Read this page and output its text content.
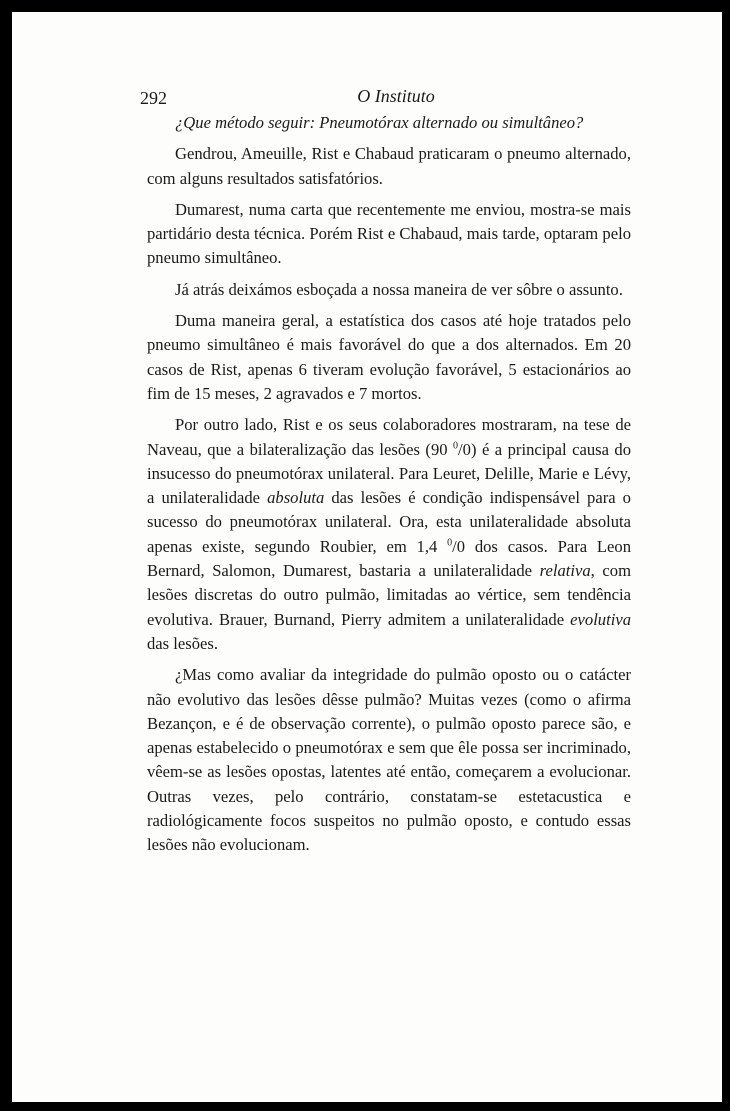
292	O Instituto

¿Que método seguir: Pneumotórax alternado ou simultâneo?

Gendrou, Ameuille, Rist e Chabaud praticaram o pneumo alternado, com alguns resultados satisfatórios.

Dumarest, numa carta que recentemente me enviou, mostra-se mais partidário desta técnica. Porém Rist e Chabaud, mais tarde, optaram pelo pneumo simultâneo.

Já atrás deixámos esboçada a nossa maneira de ver sôbre o assunto.

Duma maneira geral, a estatística dos casos até hoje tratados pelo pneumo simultâneo é mais favorável do que a dos alternados. Em 20 casos de Rist, apenas 6 tiveram evolução favorável, 5 estacionários ao fim de 15 meses, 2 agravados e 7 mortos.

Por outro lado, Rist e os seus colaboradores mostraram, na tese de Naveau, que a bilateralização das lesões (90 $^0$/0) é a principal causa do insucesso do pneumotórax unilateral. Para Leuret, Delille, Marie e Lévy, a unilateralidade absoluta das lesões é condição indispensável para o sucesso do pneumotórax unilateral. Ora, esta unilateralidade absoluta apenas existe, segundo Roubier, em 1,4 $^0$/0 dos casos. Para Leon Bernard, Salomon, Dumarest, bastaria a unilateralidade relativa, com lesões discretas do outro pulmão, limitadas ao vértice, sem tendência evolutiva. Brauer, Burnand, Pierry admitem a unilateralidade evolutiva das lesões.

¿Mas como avaliar da integridade do pulmão oposto ou o catácter não evolutivo das lesões dêsse pulmão? Muitas vezes (como o afirma Bezançon, e é de observação corrente), o pulmão oposto parece são, e apenas estabelecido o pneumotórax e sem que êle possa ser incriminado, vêem-se as lesões opostas, latentes até então, começarem a evolucionar. Outras vezes, pelo contrário, constatam-se estetacustica e radiológicamente focos suspeitos no pulmão oposto, e contudo essas lesões não evolucionam.
